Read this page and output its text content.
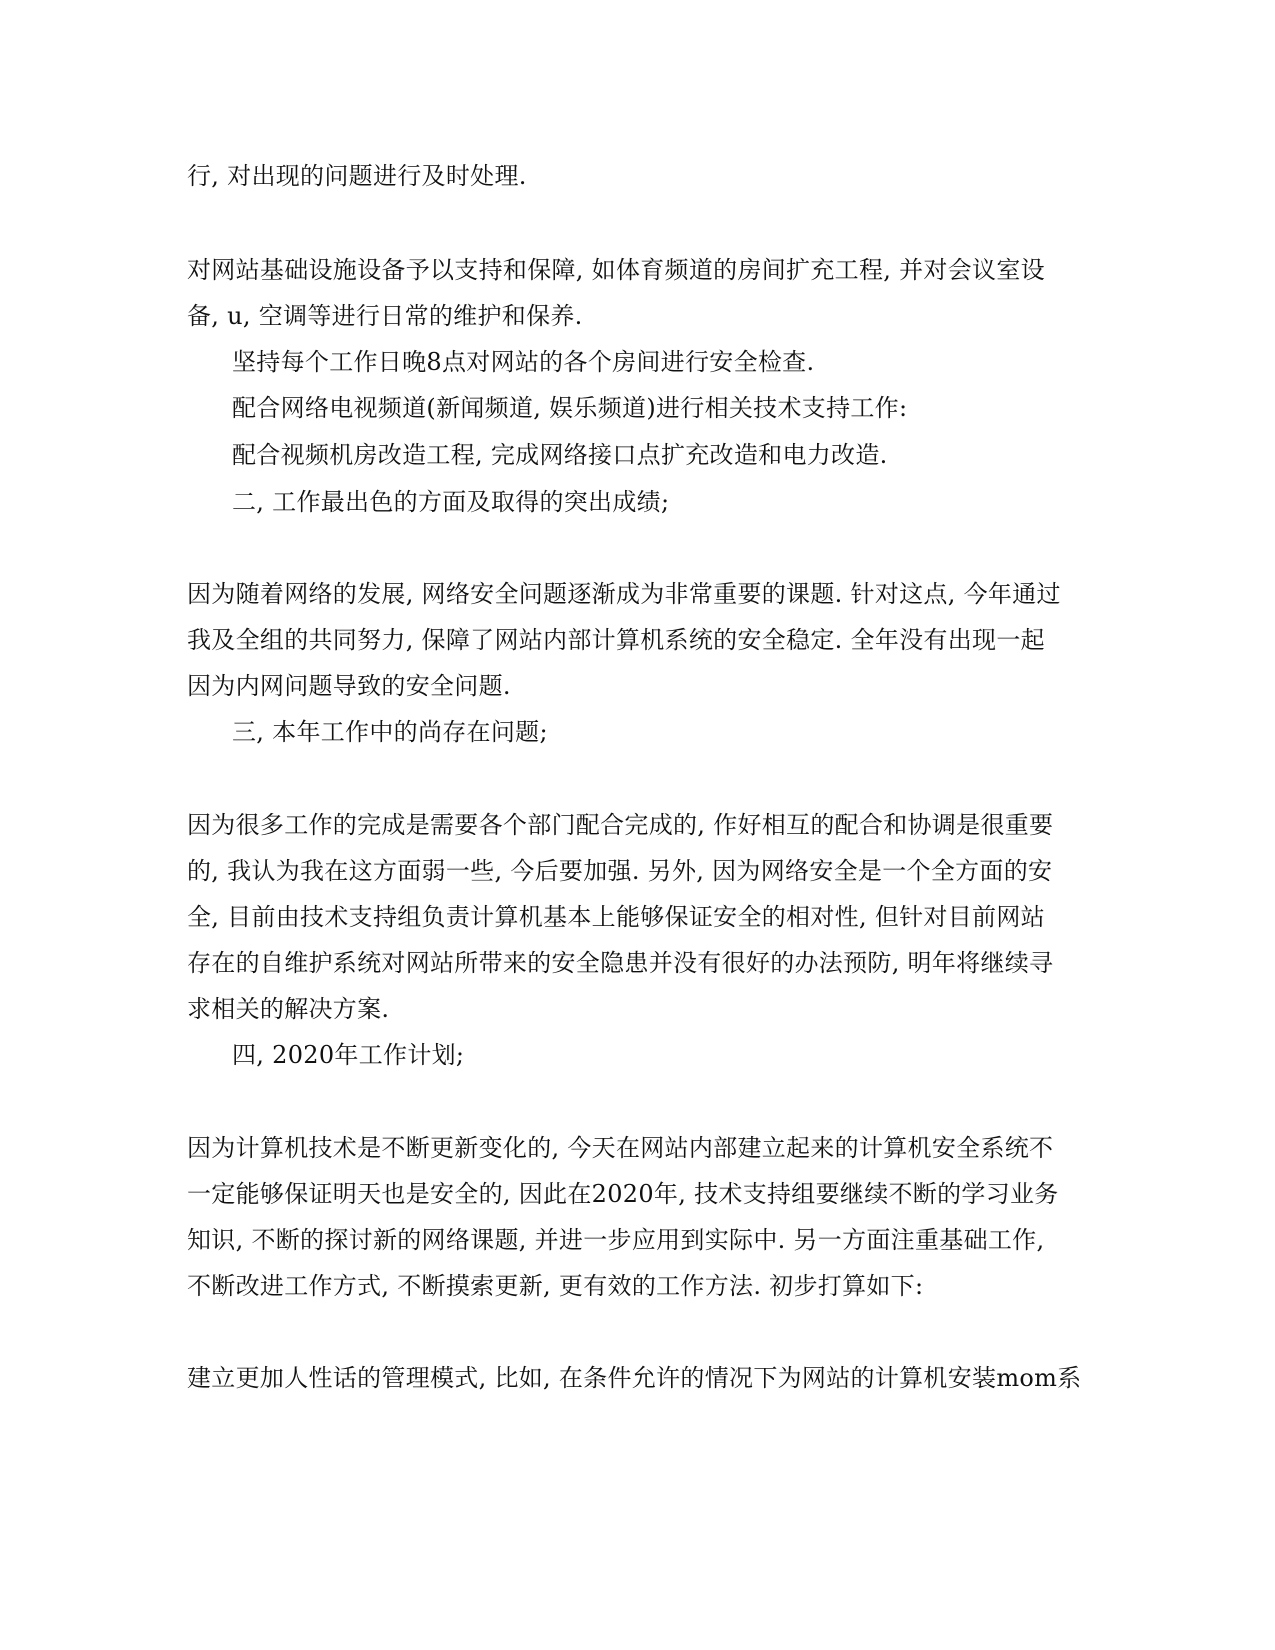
行, 对出现的问题进行及时处理.
对网站基础设施设备予以支持和保障, 如体育频道的房间扩充工程, 并对会议室设
备, u, 空调等进行日常的维护和保养.
坚持每个工作日晚8点对网站的各个房间进行安全检查.
配合网络电视频道(新闻频道, 娱乐频道)进行相关技术支持工作:
配合视频机房改造工程, 完成网络接口点扩充改造和电力改造.
二, 工作最出色的方面及取得的突出成绩;
因为随着网络的发展, 网络安全问题逐渐成为非常重要的课题. 针对这点, 今年通过
我及全组的共同努力, 保障了网站内部计算机系统的安全稳定. 全年没有出现一起
因为内网问题导致的安全问题.
三, 本年工作中的尚存在问题;
因为很多工作的完成是需要各个部门配合完成的, 作好相互的配合和协调是很重要
的, 我认为我在这方面弱一些, 今后要加强. 另外, 因为网络安全是一个全方面的安
全, 目前由技术支持组负责计算机基本上能够保证安全的相对性, 但针对目前网站
存在的自维护系统对网站所带来的安全隐患并没有很好的办法预防, 明年将继续寻
求相关的解决方案.
四, 2020年工作计划;
因为计算机技术是不断更新变化的, 今天在网站内部建立起来的计算机安全系统不
一定能够保证明天也是安全的, 因此在2020年, 技术支持组要继续不断的学习业务
知识, 不断的探讨新的网络课题, 并进一步应用到实际中. 另一方面注重基础工作,
不断改进工作方式, 不断摸索更新, 更有效的工作方法. 初步打算如下:
建立更加人性话的管理模式, 比如, 在条件允许的情况下为网站的计算机安装mom系
